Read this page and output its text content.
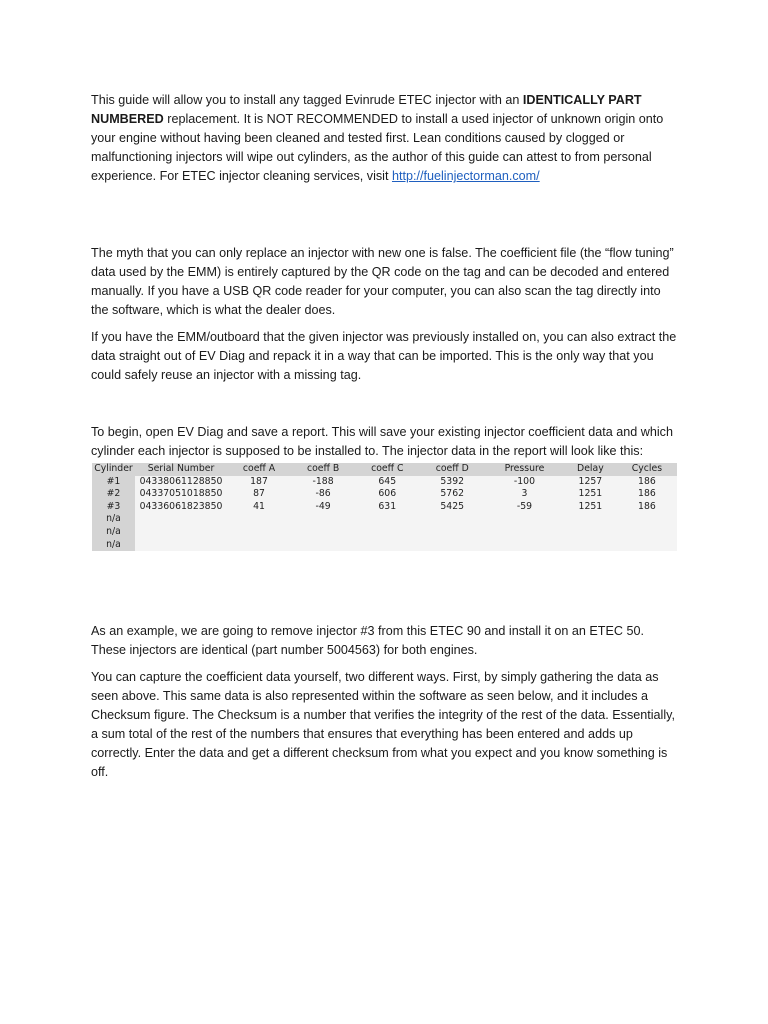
This guide will allow you to install any tagged Evinrude ETEC injector with an IDENTICALLY PART NUMBERED replacement. It is NOT RECOMMENDED to install a used injector of unknown origin onto your engine without having been cleaned and tested first. Lean conditions caused by clogged or malfunctioning injectors will wipe out cylinders, as the author of this guide can attest to from personal experience. For ETEC injector cleaning services, visit http://fuelinjectorman.com/

The myth that you can only replace an injector with new one is false. The coefficient file (the “flow tuning” data used by the EMM) is entirely captured by the QR code on the tag and can be decoded and entered manually. If you have a USB QR code reader for your computer, you can also scan the tag directly into the software, which is what the dealer does.

If you have the EMM/outboard that the given injector was previously installed on, you can also extract the data straight out of EV Diag and repack it in a way that can be imported. This is the only way that you could safely reuse an injector with a missing tag.

To begin, open EV Diag and save a report. This will save your existing injector coefficient data and which cylinder each injector is supposed to be installed to. The injector data in the report will look like this:

Cylinder	Serial Number	coeff A	coeff B	coeff C	coeff D	Pressure	Delay	Cycles
#1	04338061128850	187	-188	645	5392	-100	1257	186
#2	04337051018850	87	-86	606	5762	3	1251	186
#3	04336061823850	41	-49	631	5425	-59	1251	186
n/a								
n/a								
n/a								

As an example, we are going to remove injector #3 from this ETEC 90 and install it on an ETEC 50. These injectors are identical (part number 5004563) for both engines.

You can capture the coefficient data yourself, two different ways. First, by simply gathering the data as seen above. This same data is also represented within the software as seen below, and it includes a Checksum figure. The Checksum is a number that verifies the integrity of the rest of the data. Essentially, a sum total of the rest of the numbers that ensures that everything has been entered and adds up correctly. Enter the data and get a different checksum from what you expect and you know something is off.
